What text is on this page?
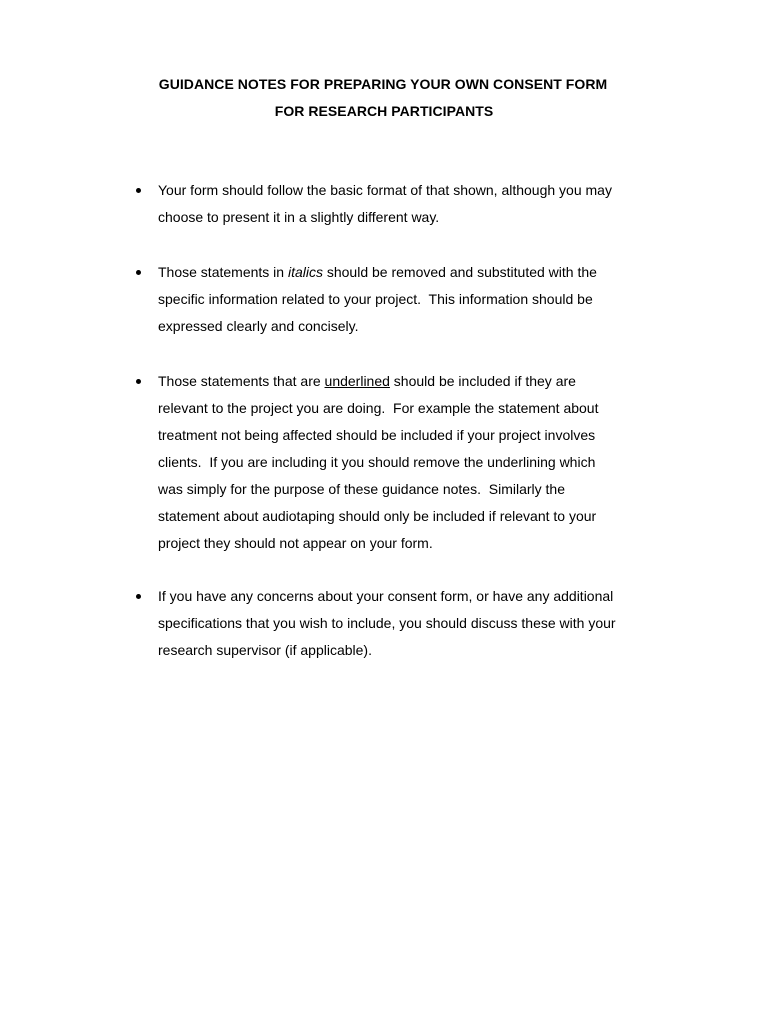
GUIDANCE NOTES FOR PREPARING YOUR OWN CONSENT FORM
FOR RESEARCH PARTICIPANTS
Your form should follow the basic format of that shown, although you may
choose to present it in a slightly different way.
Those statements in italics should be removed and substituted with the
specific information related to your project.  This information should be
expressed clearly and concisely.
Those statements that are underlined should be included if they are
relevant to the project you are doing.  For example the statement about
treatment not being affected should be included if your project involves
clients.  If you are including it you should remove the underlining which
was simply for the purpose of these guidance notes.  Similarly the
statement about audiotaping should only be included if relevant to your
project they should not appear on your form.
If you have any concerns about your consent form, or have any additional
specifications that you wish to include, you should discuss these with your
research supervisor (if applicable).
